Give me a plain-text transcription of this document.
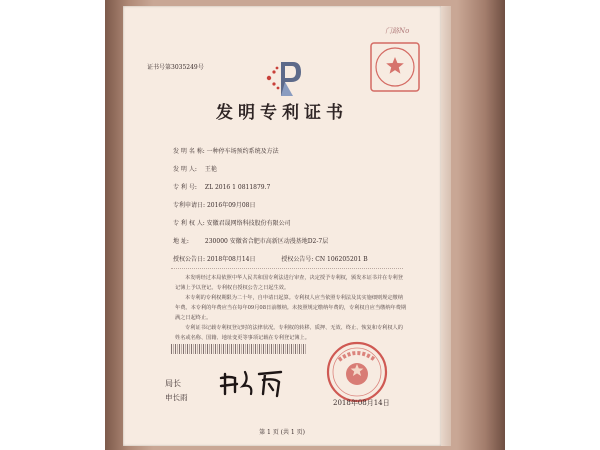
证书号第3035249号
门路No
发明专利证书
发 明 名 称: 一种停车场预约系统及方法
发 明 人: 王艳
专 利 号: ZL 2016 1 0811879.7
专利申请日: 2016年09月08日
专 利 权 人: 安徽君晟网络科技股份有限公司
地 址:	230000 安徽省合肥市高新区动漫基地D2-7层
授权公告日: 2018年08月14日	授权公告号: CN 106205201 B

本发明经过本局依照中华人民共和国专利法进行审查，决定授予专利权，颁发本证书并在专利登记簿上予以登记。专利权自授权公告之日起生效。

本专利的专利权期限为二十年，自申请日起算。专利权人应当依照专利法及其实施细则规定缴纳年费。本专利的年费应当在每年09月08日前缴纳。未按照规定缴纳年费的，专利权自应当缴纳年费期满之日起终止。

专利证书记载专利权登记时的法律状况。专利权的转移、质押、无效、终止、恢复和专利权人的姓名或名称、国籍、地址变更等事项记载在专利登记簿上。

局长
申长雨
2018年08月14日
第 1 页 (共 1 页)
